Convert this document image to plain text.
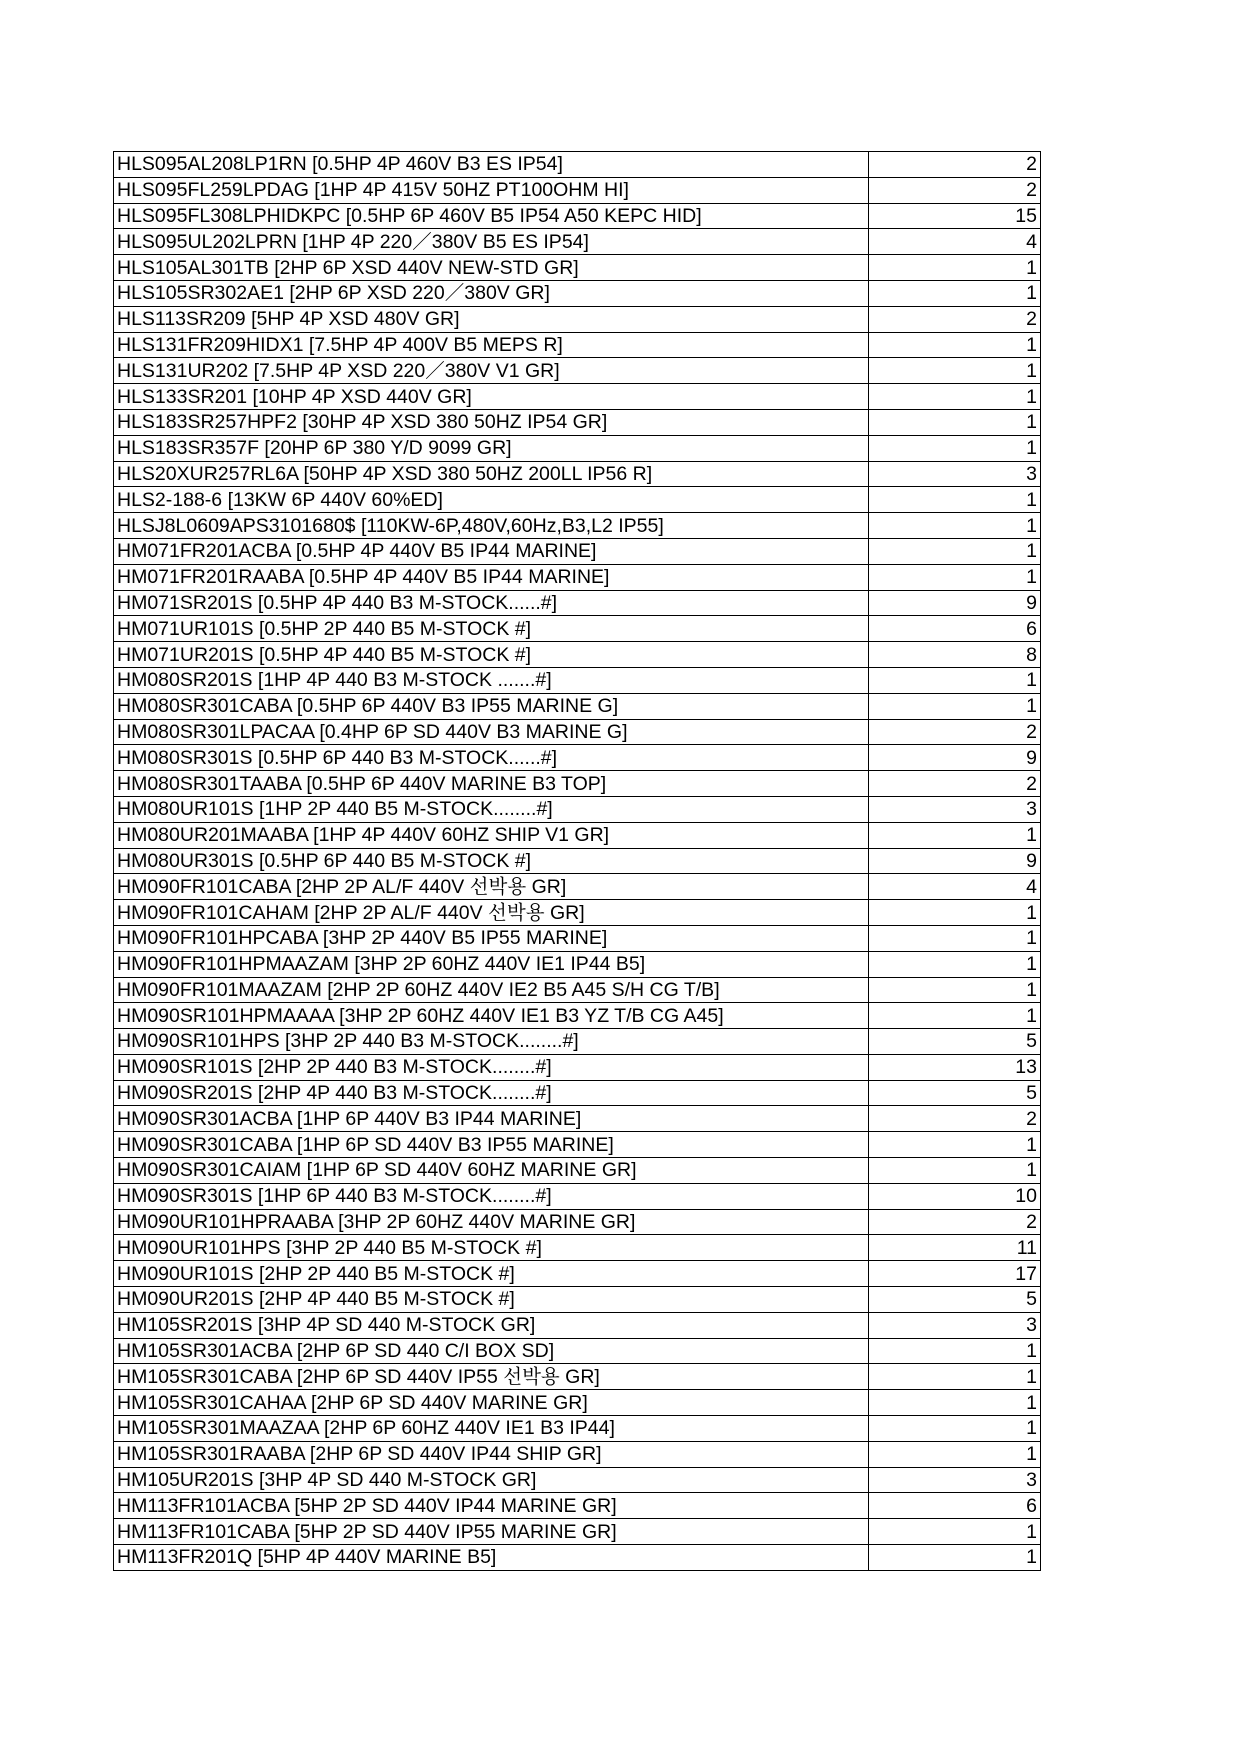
HLS095AL208LP1RN [0.5HP 4P 460V B3 ES IP54]	2
HLS095FL259LPDAG [1HP 4P 415V 50HZ PT100OHM HI]	2
HLS095FL308LPHIDKPC [0.5HP 6P 460V B5 IP54 A50 KEPC HID]	15
HLS095UL202LPRN [1HP 4P 220／380V B5 ES IP54]	4
HLS105AL301TB [2HP 6P XSD 440V NEW-STD GR]	1
HLS105SR302AE1 [2HP 6P XSD 220／380V GR]	1
HLS113SR209 [5HP 4P XSD 480V GR]	2
HLS131FR209HIDX1 [7.5HP 4P 400V B5 MEPS R]	1
HLS131UR202 [7.5HP 4P XSD 220／380V V1 GR]	1
HLS133SR201 [10HP 4P XSD 440V GR]	1
HLS183SR257HPF2 [30HP 4P XSD 380 50HZ IP54 GR]	1
HLS183SR357F [20HP 6P 380 Y/D 9099 GR]	1
HLS20XUR257RL6A [50HP 4P XSD 380 50HZ 200LL IP56 R]	3
HLS2-188-6 [13KW 6P 440V 60%ED]	1
HLSJ8L0609APS3101680$ [110KW-6P,480V,60Hz,B3,L2 IP55]	1
HM071FR201ACBA [0.5HP 4P 440V B5 IP44 MARINE]	1
HM071FR201RAABA [0.5HP 4P 440V B5 IP44 MARINE]	1
HM071SR201S [0.5HP 4P 440 B3 M-STOCK......#]	9
HM071UR101S [0.5HP 2P 440 B5 M-STOCK #]	6
HM071UR201S [0.5HP 4P 440 B5 M-STOCK #]	8
HM080SR201S [1HP 4P 440 B3 M-STOCK .......#]	1
HM080SR301CABA [0.5HP 6P 440V B3 IP55 MARINE G]	1
HM080SR301LPACAA [0.4HP 6P SD 440V B3 MARINE G]	2
HM080SR301S [0.5HP 6P 440 B3 M-STOCK......#]	9
HM080SR301TAABA [0.5HP 6P 440V MARINE B3 TOP]	2
HM080UR101S [1HP 2P 440 B5 M-STOCK........#]	3
HM080UR201MAABA [1HP 4P 440V 60HZ SHIP V1 GR]	1
HM080UR301S [0.5HP 6P 440 B5 M-STOCK #]	9
HM090FR101CABA [2HP 2P AL/F 440V 선박용 GR]	4
HM090FR101CAHAM [2HP 2P AL/F 440V 선박용 GR]	1
HM090FR101HPCABA [3HP 2P 440V B5 IP55 MARINE]	1
HM090FR101HPMAAZAM [3HP 2P 60HZ 440V IE1 IP44 B5]	1
HM090FR101MAAZAM [2HP 2P 60HZ 440V IE2 B5 A45 S/H CG T/B]	1
HM090SR101HPMAAAA [3HP 2P 60HZ 440V IE1 B3 YZ T/B CG A45]	1
HM090SR101HPS [3HP 2P 440 B3 M-STOCK........#]	5
HM090SR101S [2HP 2P 440 B3 M-STOCK........#]	13
HM090SR201S [2HP 4P 440 B3 M-STOCK........#]	5
HM090SR301ACBA [1HP 6P 440V B3 IP44 MARINE]	2
HM090SR301CABA [1HP 6P SD 440V B3 IP55 MARINE]	1
HM090SR301CAIAM [1HP 6P SD 440V 60HZ MARINE GR]	1
HM090SR301S [1HP 6P 440 B3 M-STOCK........#]	10
HM090UR101HPRAABA [3HP 2P 60HZ 440V MARINE GR]	2
HM090UR101HPS [3HP 2P 440 B5 M-STOCK #]	11
HM090UR101S [2HP 2P 440 B5 M-STOCK #]	17
HM090UR201S [2HP 4P 440 B5 M-STOCK #]	5
HM105SR201S [3HP 4P SD 440 M-STOCK GR]	3
HM105SR301ACBA [2HP 6P SD 440 C/I BOX SD]	1
HM105SR301CABA [2HP 6P SD 440V IP55 선박용 GR]	1
HM105SR301CAHAA [2HP 6P SD 440V MARINE GR]	1
HM105SR301MAAZAA [2HP 6P 60HZ 440V IE1 B3 IP44]	1
HM105SR301RAABA [2HP 6P SD 440V IP44 SHIP GR]	1
HM105UR201S [3HP 4P SD 440 M-STOCK GR]	3
HM113FR101ACBA [5HP 2P SD 440V IP44 MARINE GR]	6
HM113FR101CABA [5HP 2P SD 440V IP55 MARINE GR]	1
HM113FR201Q [5HP 4P 440V MARINE B5]	1
